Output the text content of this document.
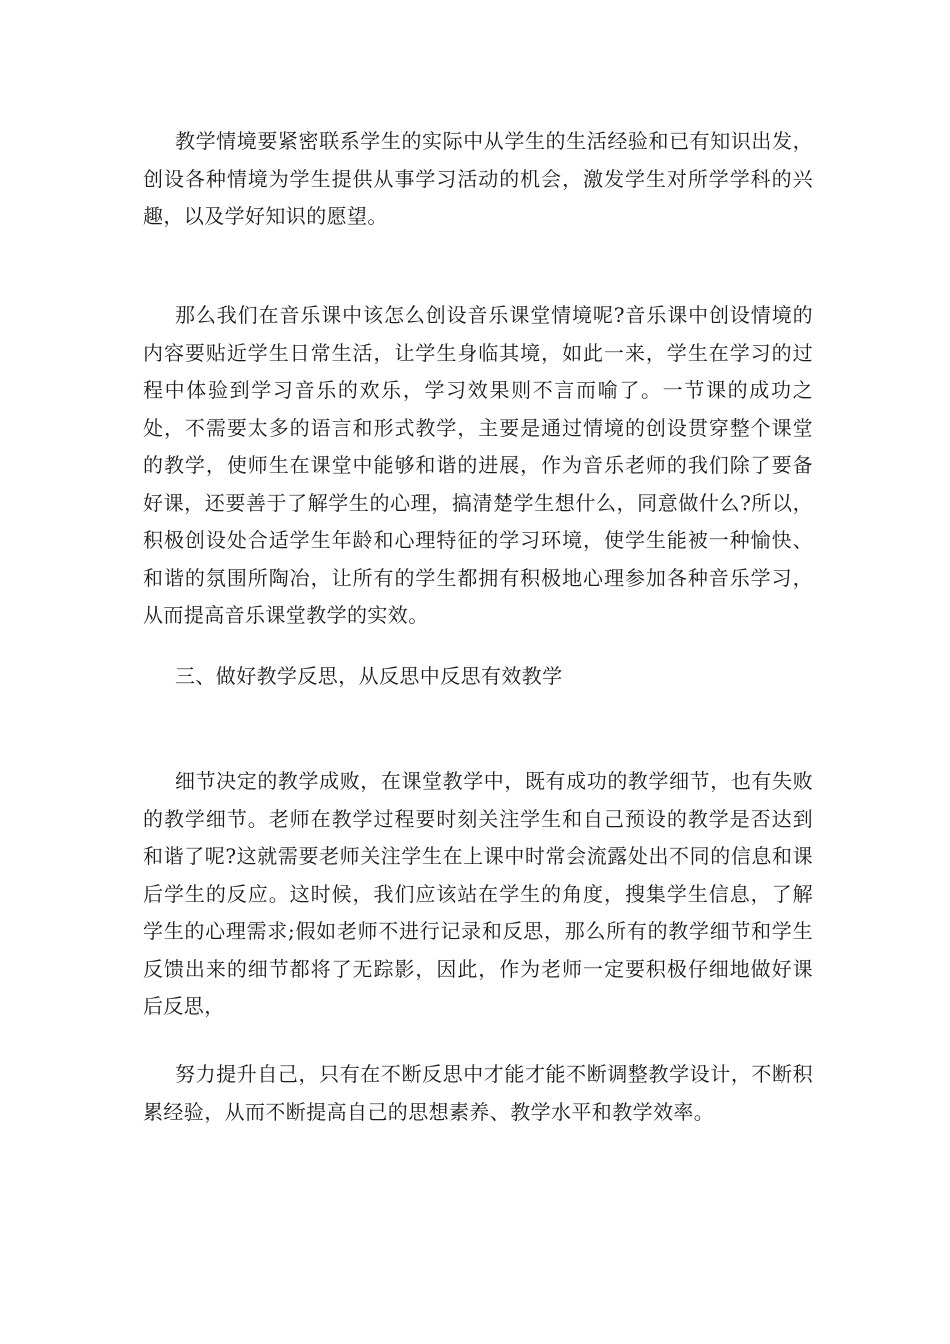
教学情境要紧密联系学生的实际中从学生的生活经验和已有知识出发，创设各种情境为学生提供从事学习活动的机会，激发学生对所学学科的兴趣，以及学好知识的愿望。

那么我们在音乐课中该怎么创设音乐课堂情境呢?音乐课中创设情境的内容要贴近学生日常生活，让学生身临其境，如此一来，学生在学习的过程中体验到学习音乐的欢乐，学习效果则不言而喻了。一节课的成功之处，不需要太多的语言和形式教学，主要是通过情境的创设贯穿整个课堂的教学，使师生在课堂中能够和谐的进展，作为音乐老师的我们除了要备好课，还要善于了解学生的心理，搞清楚学生想什么，同意做什么?所以，积极创设处合适学生年龄和心理特征的学习环境，使学生能被一种愉快、和谐的氛围所陶冶，让所有的学生都拥有积极地心理参加各种音乐学习，从而提高音乐课堂教学的实效。

三、做好教学反思，从反思中反思有效教学

细节决定的教学成败，在课堂教学中，既有成功的教学细节，也有失败的教学细节。老师在教学过程要时刻关注学生和自己预设的教学是否达到和谐了呢?这就需要老师关注学生在上课中时常会流露处出不同的信息和课后学生的反应。这时候，我们应该站在学生的角度，搜集学生信息，了解学生的心理需求;假如老师不进行记录和反思，那么所有的教学细节和学生反馈出来的细节都将了无踪影，因此，作为老师一定要积极仔细地做好课后反思，

努力提升自己，只有在不断反思中才能才能不断调整教学设计，不断积累经验，从而不断提高自己的思想素养、教学水平和教学效率。
